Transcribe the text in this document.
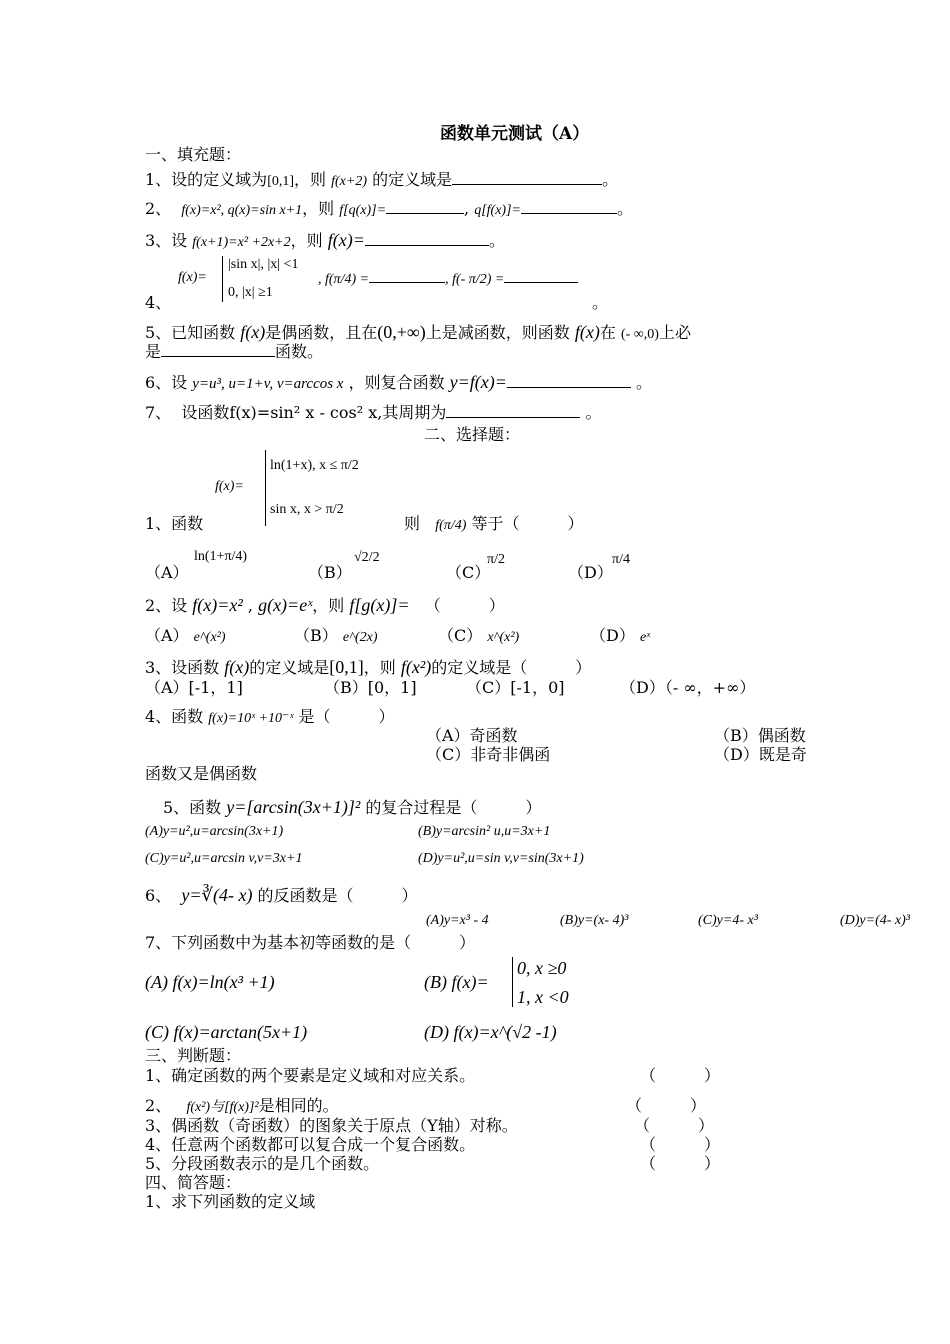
函数单元测试（A）
一、填充题：
1、设的定义域为[0,1]，则 f(x+2) 的定义域是	。
2、 f(x)=x², q(x)=sin x+1，则 f[q(x)]=	, q[f(x)]=	。
3、设 f(x+1)=x² +2x+2，则 f(x)=	。
f(x)=
|sin x|, |x| <1
0, |x| ≥1
, f(π/4) =	, f(- π/2) =
4、	。
5、已知函数 f(x)是偶函数，且在(0,+∞)上是减函数，则函数 f(x)在 (- ∞,0)上必
是	函数。
6、设 y=u³, u=1+v, v=arccos x ，则复合函数 y=f(x)=	。
7、 设函数f(x)=sin² x - cos² x,其周期为	。
二、选择题：
f(x)=
ln(1+x), x ≤ π/2
sin x, x > π/2
1、函数	则 f(π/4) 等于（　　　）
（A）
ln(1+π/4)
（B）
√2/2
（C）
π/2
（D）
π/4
2、设 f(x)=x² , g(x)=eˣ，则 f[g(x)]= （　　　）
（A） e^(x²)	（B） e^(2x)	（C） x^(x²)	（D） eˣ
3、设函数 f(x)的定义域是[0,1]，则 f(x²)的定义域是（　　　）
（A）[-1，1]	（B）[0，1]	（C）[-1，0]	（D）（- ∞，+∞）
4、函数 f(x)=10ˣ +10⁻ˣ 是（　　　）
（A）奇函数	（B）偶函数
（C）非奇非偶函	（D）既是奇
函数又是偶函数
5、函数 y=[arcsin(3x+1)]² 的复合过程是（　　　）
(A)y=u²,u=arcsin(3x+1)	(B)y=arcsin² u,u=3x+1
(C)y=u²,u=arcsin v,v=3x+1	(D)y=u²,u=sin v,v=sin(3x+1)
6、 y=∛(4- x) 的反函数是（　　　）
(A)y=x³ - 4	(B)y=(x- 4)³	(C)y=4- x³	(D)y=(4- x)³
7、下列函数中为基本初等函数的是（　　　）
(A) f(x)=ln(x³ +1)	(B) f(x)=
0, x ≥0
1, x <0
(C) f(x)=arctan(5x+1)	(D) f(x)=x^(√2 -1)
三、判断题：
1、确定函数的两个要素是定义域和对应关系。	（　　　）
2、 f(x²)与[f(x)]²是相同的。	（　　　）
3、偶函数（奇函数）的图象关于原点（Y轴）对称。	（　　　）
4、任意两个函数都可以复合成一个复合函数。	（　　　）
5、分段函数表示的是几个函数。	（　　　）
四、简答题：
1、求下列函数的定义域
